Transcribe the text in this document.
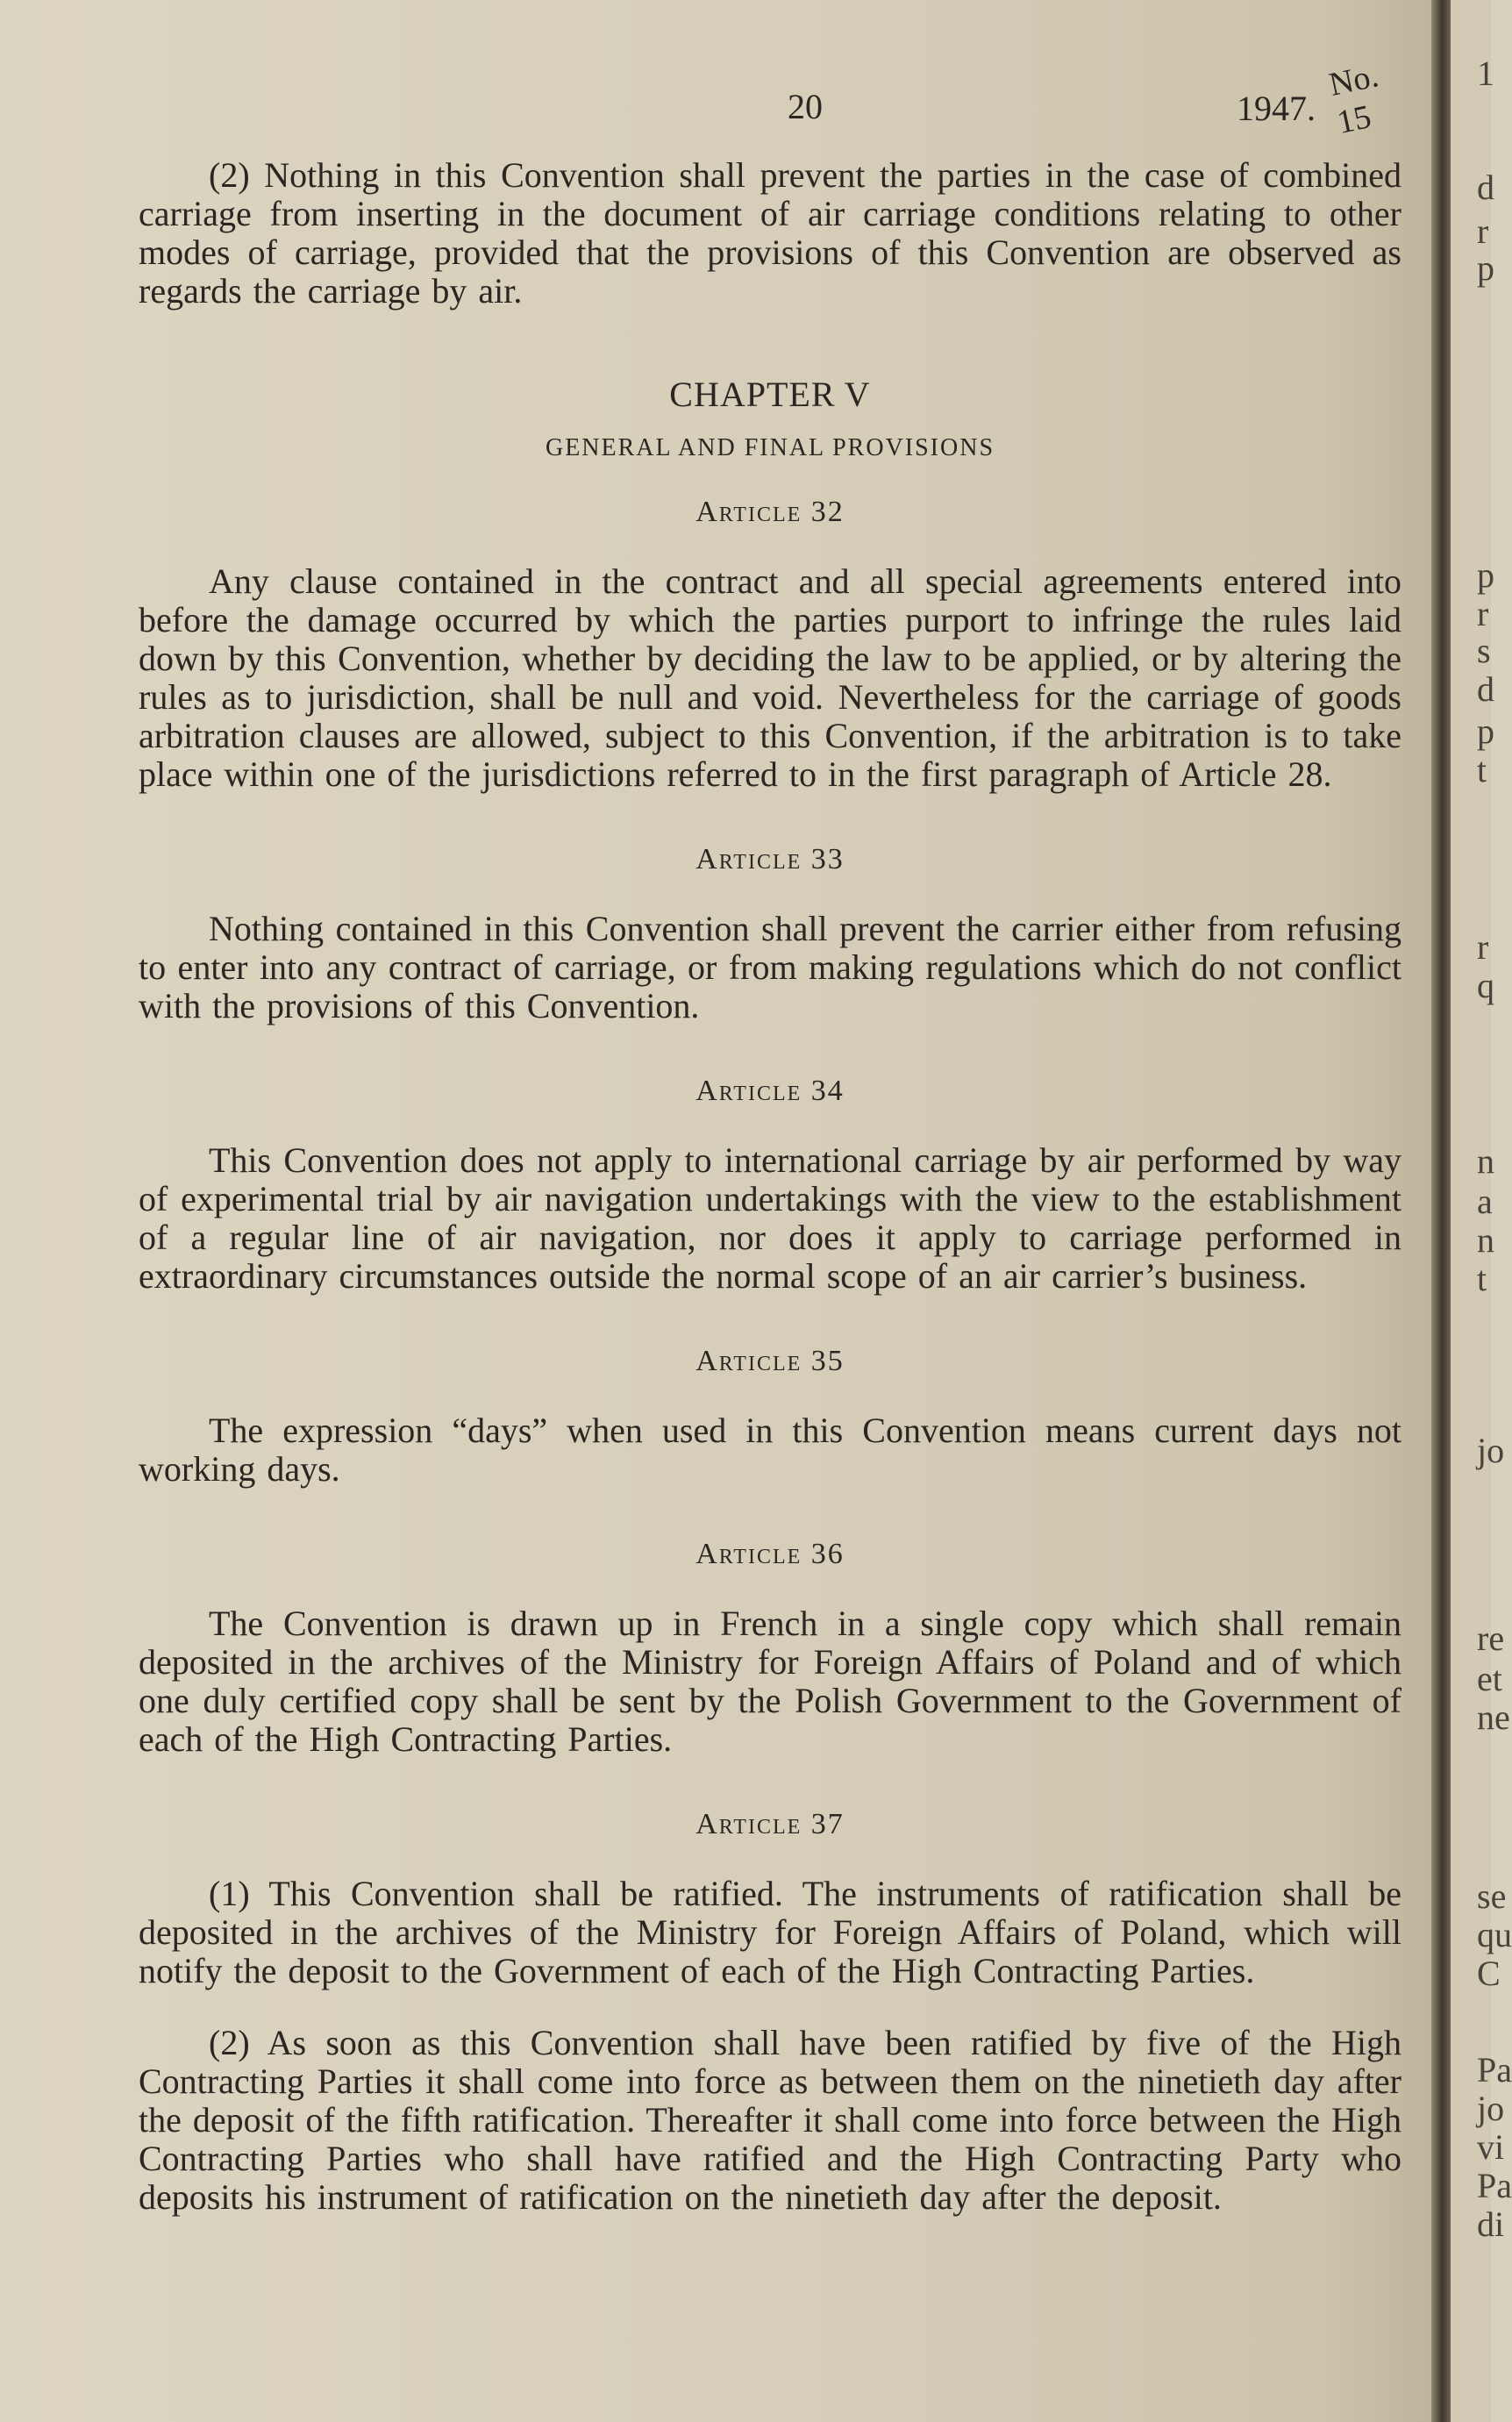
20	1947.
No. 15

(2) Nothing in this Convention shall prevent the parties in the case of combined carriage from inserting in the document of air carriage conditions relating to other modes of carriage, provided that the provisions of this Convention are observed as regards the carriage by air.

CHAPTER V

GENERAL AND FINAL PROVISIONS

Article 32

Any clause contained in the contract and all special agreements entered into before the damage occurred by which the parties purport to infringe the rules laid down by this Convention, whether by deciding the law to be applied, or by altering the rules as to jurisdiction, shall be null and void. Nevertheless for the carriage of goods arbitration clauses are allowed, subject to this Convention, if the arbitration is to take place within one of the jurisdictions referred to in the first paragraph of Article 28.

Article 33

Nothing contained in this Convention shall prevent the carrier either from refusing to enter into any contract of carriage, or from making regulations which do not conflict with the provisions of this Convention.

Article 34

This Convention does not apply to international carriage by air performed by way of experimental trial by air navigation undertakings with the view to the establishment of a regular line of air navigation, nor does it apply to carriage performed in extraordinary circumstances outside the normal scope of an air carrier’s business.

Article 35

The expression “days” when used in this Convention means current days not working days.

Article 36

The Convention is drawn up in French in a single copy which shall remain deposited in the archives of the Ministry for Foreign Affairs of Poland and of which one duly certified copy shall be sent by the Polish Government to the Government of each of the High Contracting Parties.

Article 37

(1) This Convention shall be ratified. The instruments of ratification shall be deposited in the archives of the Ministry for Foreign Affairs of Poland, which will notify the deposit to the Government of each of the High Contracting Parties.

(2) As soon as this Convention shall have been ratified by five of the High Contracting Parties it shall come into force as between them on the ninetieth day after the deposit of the fifth ratification. Thereafter it shall come into force between the High Contracting Parties who shall have ratified and the High Contracting Party who deposits his instrument of ratification on the ninetieth day after the deposit.

1
d
r
p
p
r
s
d
p
t
r
q
n
a
n
t
jo
re
et
ne
se
qu
C
Pa
jo
vi
Pa
di
